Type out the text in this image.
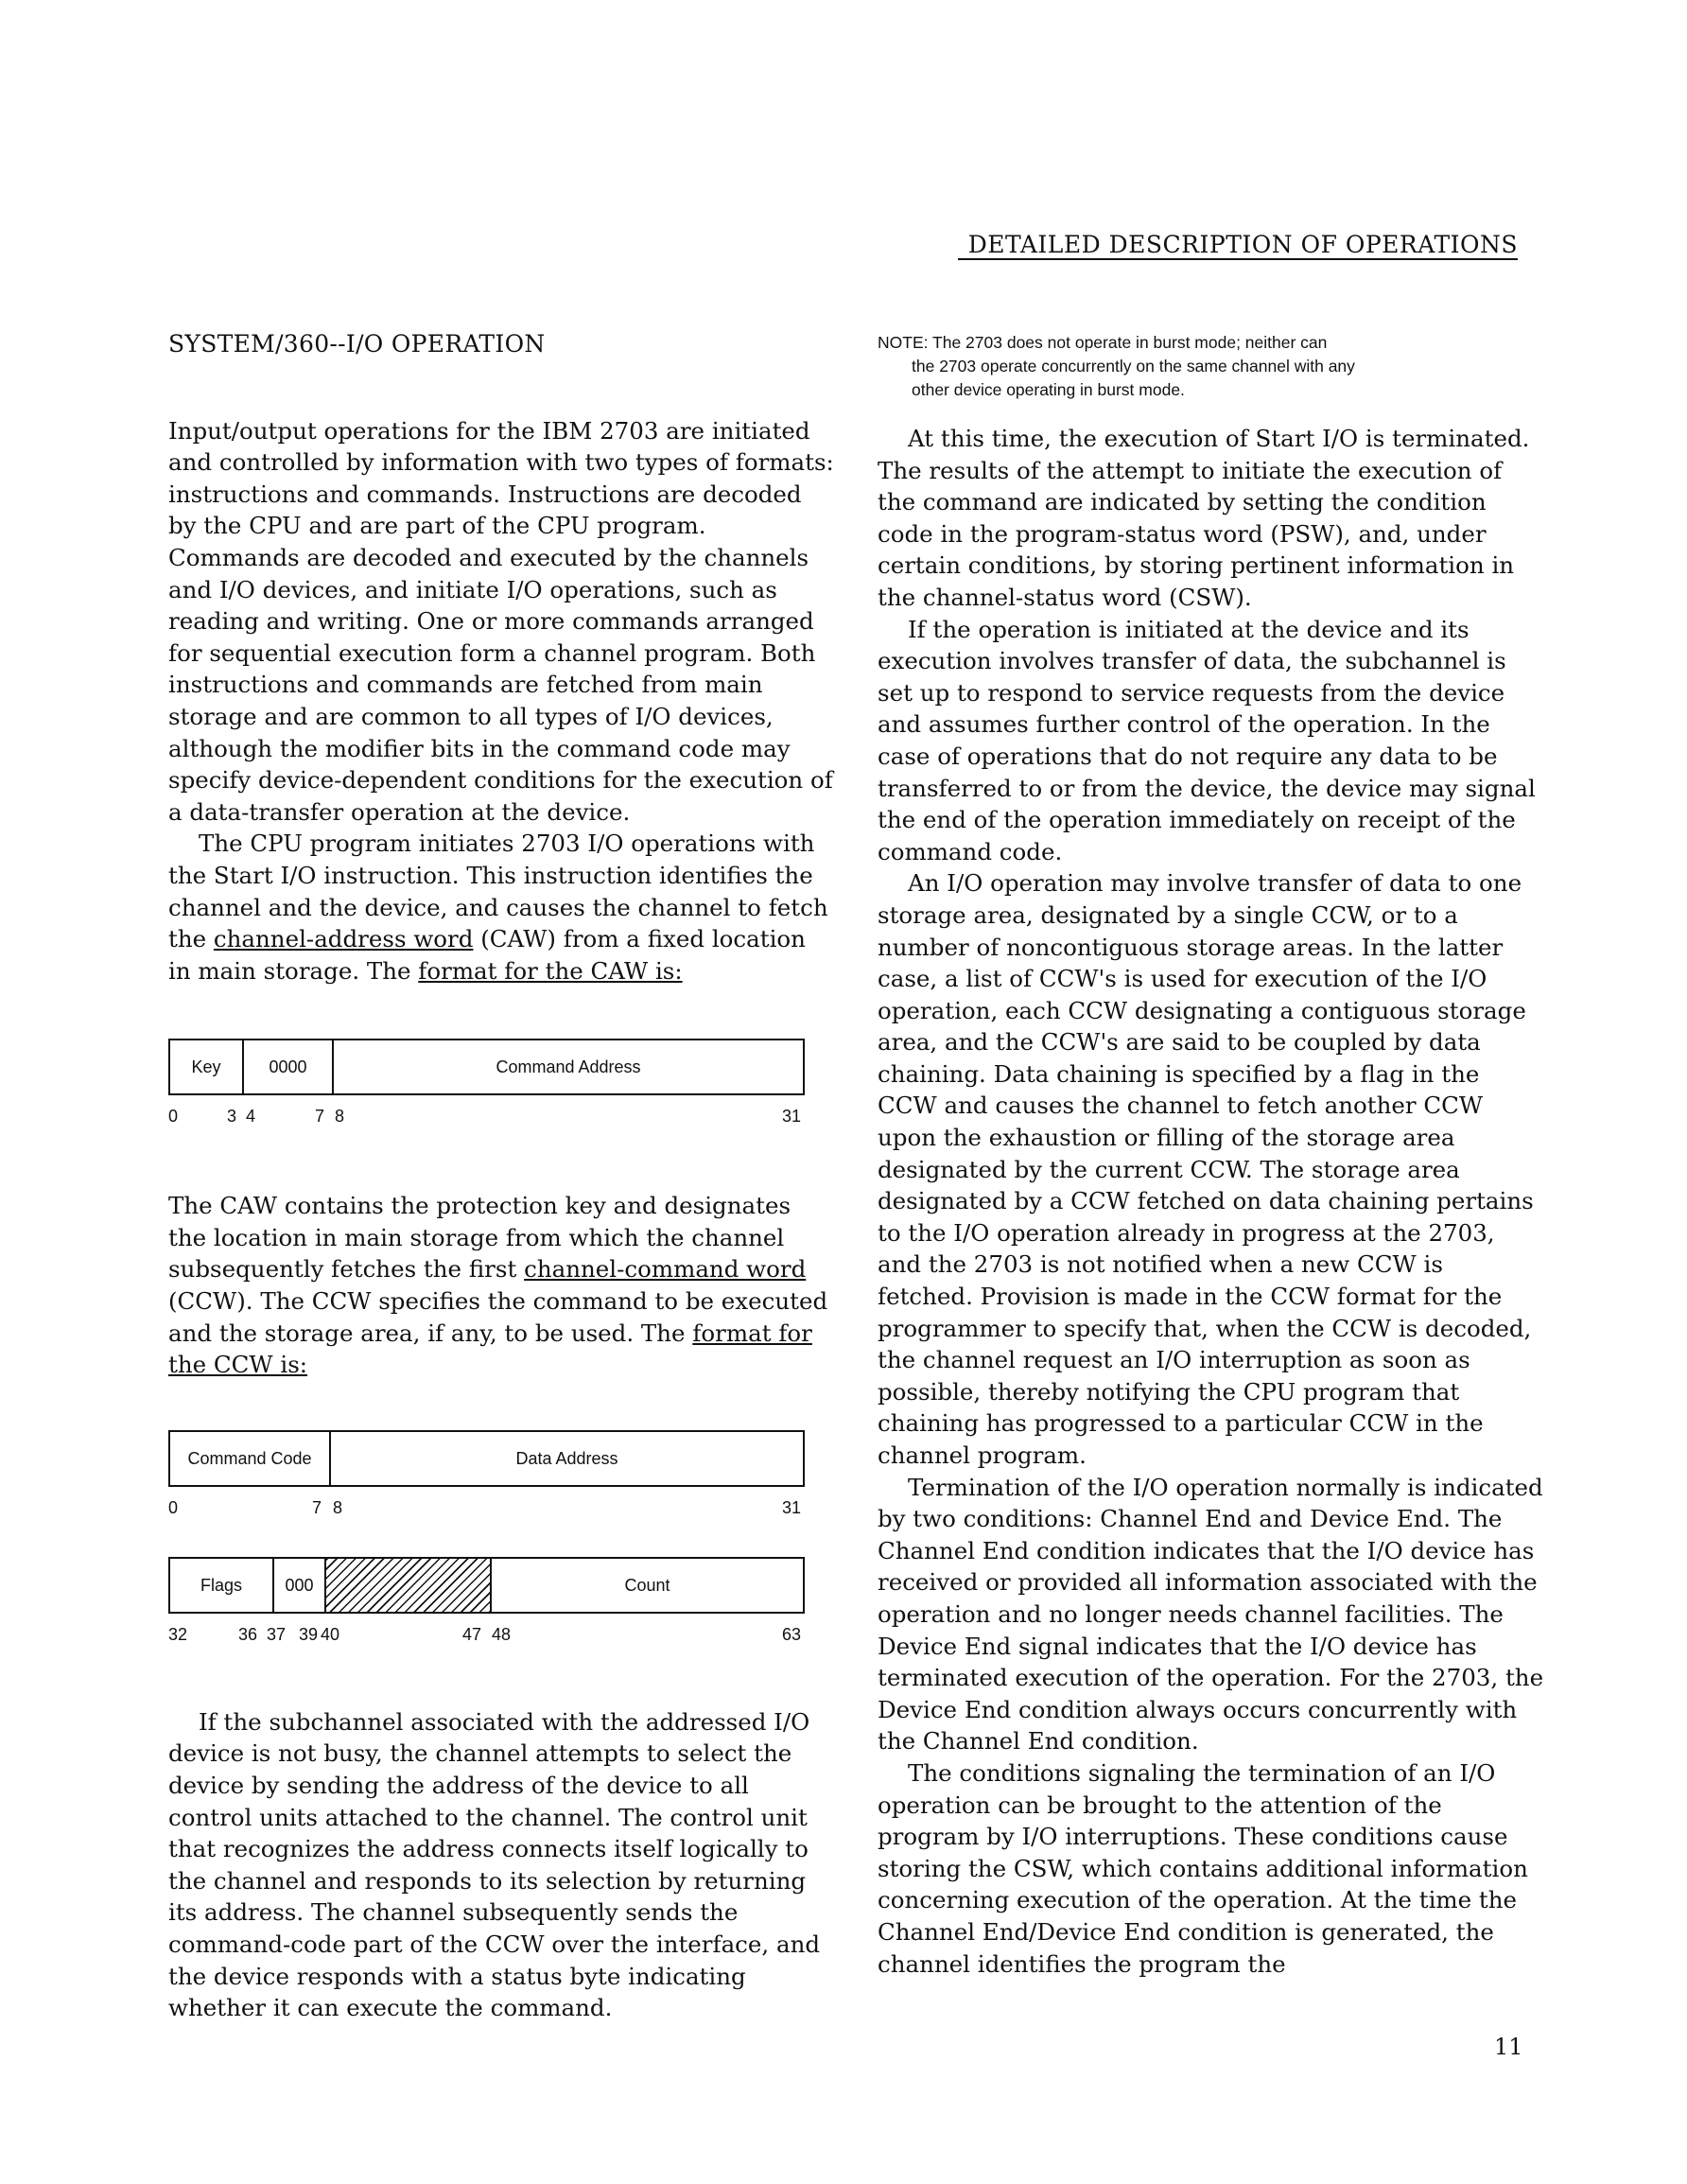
DETAILED DESCRIPTION OF OPERATIONS
SYSTEM/360--I/O OPERATION

Input/output operations for the IBM 2703 are initiated and controlled by information with two types of formats: instructions and commands. Instructions are decoded by the CPU and are part of the CPU program. Commands are decoded and executed by the channels and I/O devices, and initiate I/O operations, such as reading and writing. One or more commands arranged for sequential execution form a channel program. Both instructions and commands are fetched from main storage and are common to all types of I/O devices, although the modifier bits in the command code may specify device-dependent conditions for the execution of a data-transfer operation at the device.

The CPU program initiates 2703 I/O operations with the Start I/O instruction. This instruction identifies the channel and the device, and causes the channel to fetch the channel-address word (CAW) from a fixed location in main storage. The format for the CAW is:

Key	0000	Command Address
0	3 4	7 8	31

The CAW contains the protection key and designates the location in main storage from which the channel subsequently fetches the first channel-command word (CCW). The CCW specifies the command to be executed and the storage area, if any, to be used. The format for the CCW is:

Command Code	Data Address
0	7 8	31
Flags	000	Count
32	36 37 39 40	47 48	63

If the subchannel associated with the addressed I/O device is not busy, the channel attempts to select the device by sending the address of the device to all control units attached to the channel. The control unit that recognizes the address connects itself logically to the channel and responds to its selection by returning its address. The channel subsequently sends the command-code part of the CCW over the interface, and the device responds with a status byte indicating whether it can execute the command.

NOTE: The 2703 does not operate in burst mode; neither can
the 2703 operate concurrently on the same channel with any
other device operating in burst mode.

At this time, the execution of Start I/O is terminated. The results of the attempt to initiate the execution of the command are indicated by setting the condition code in the program-status word (PSW), and, under certain conditions, by storing pertinent information in the channel-status word (CSW).

If the operation is initiated at the device and its execution involves transfer of data, the subchannel is set up to respond to service requests from the device and assumes further control of the operation. In the case of operations that do not require any data to be transferred to or from the device, the device may signal the end of the operation immediately on receipt of the command code.

An I/O operation may involve transfer of data to one storage area, designated by a single CCW, or to a number of noncontiguous storage areas. In the latter case, a list of CCW's is used for execution of the I/O operation, each CCW designating a contiguous storage area, and the CCW's are said to be coupled by data chaining. Data chaining is specified by a flag in the CCW and causes the channel to fetch another CCW upon the exhaustion or filling of the storage area designated by the current CCW. The storage area designated by a CCW fetched on data chaining pertains to the I/O operation already in progress at the 2703, and the 2703 is not notified when a new CCW is fetched. Provision is made in the CCW format for the programmer to specify that, when the CCW is decoded, the channel request an I/O interruption as soon as possible, thereby notifying the CPU program that chaining has progressed to a particular CCW in the channel program.

Termination of the I/O operation normally is indicated by two conditions: Channel End and Device End. The Channel End condition indicates that the I/O device has received or provided all information associated with the operation and no longer needs channel facilities. The Device End signal indicates that the I/O device has terminated execution of the operation. For the 2703, the Device End condition always occurs concurrently with the Channel End condition.

The conditions signaling the termination of an I/O operation can be brought to the attention of the program by I/O interruptions. These conditions cause storing the CSW, which contains additional information concerning execution of the operation. At the time the Channel End/Device End condition is generated, the channel identifies the program the

11
